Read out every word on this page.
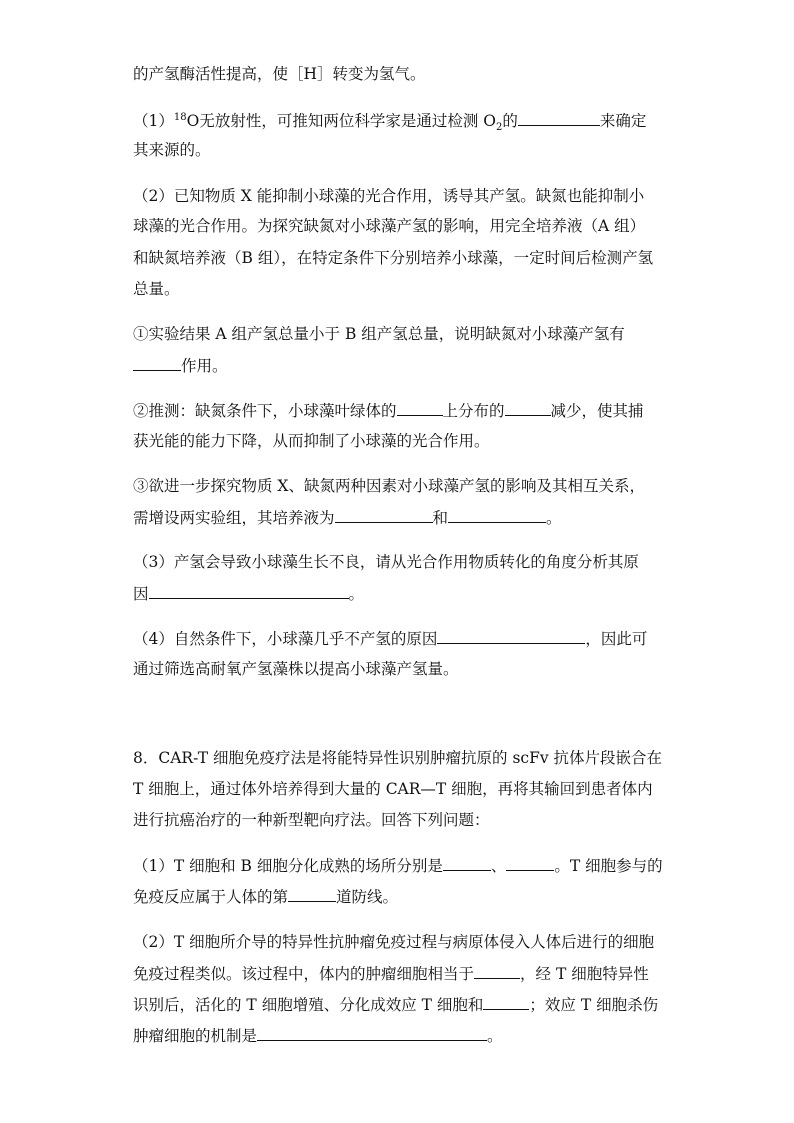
的产氢酶活性提高，使［H］转变为氢气。
$(1)^{18}O$无放射性，可推知两位科学家是通过检测 $O_2$的	来确定
其来源的。
（2）已知物质 X 能抑制小球藻的光合作用，诱导其产氢。缺氮也能抑制小
球藻的光合作用。为探究缺氮对小球藻产氢的影响，用完全培养液（A 组）
和缺氮培养液（B 组），在特定条件下分别培养小球藻，一定时间后检测产氢
总量。
①实验结果 A 组产氢总量小于 B 组产氢总量，说明缺氮对小球藻产氢有
作用。
②推测：缺氮条件下，小球藻叶绿体的	上分布的	减少，使其捕
获光能的能力下降，从而抑制了小球藻的光合作用。
③欲进一步探究物质 X、缺氮两种因素对小球藻产氢的影响及其相互关系，
需增设两实验组，其培养液为	和	。
（3）产氢会导致小球藻生长不良，请从光合作用物质转化的角度分析其原
因	。
（4）自然条件下，小球藻几乎不产氢的原因	，因此可
通过筛选高耐氧产氢藻株以提高小球藻产氢量。
8．CAR-T 细胞免疫疗法是将能特异性识别肿瘤抗原的 scFv 抗体片段嵌合在
T 细胞上，通过体外培养得到大量的 CAR—T 细胞，再将其输回到患者体内
进行抗癌治疗的一种新型靶向疗法。回答下列问题：
（1）T 细胞和 B 细胞分化成熟的场所分别是	、	。T 细胞参与的
免疫反应属于人体的第	道防线。
（2）T 细胞所介导的特异性抗肿瘤免疫过程与病原体侵入人体后进行的细胞
免疫过程类似。该过程中，体内的肿瘤细胞相当于	，经 T 细胞特异性
识别后，活化的 T 细胞增殖、分化成效应 T 细胞和	；效应 T 细胞杀伤
肿瘤细胞的机制是	。
